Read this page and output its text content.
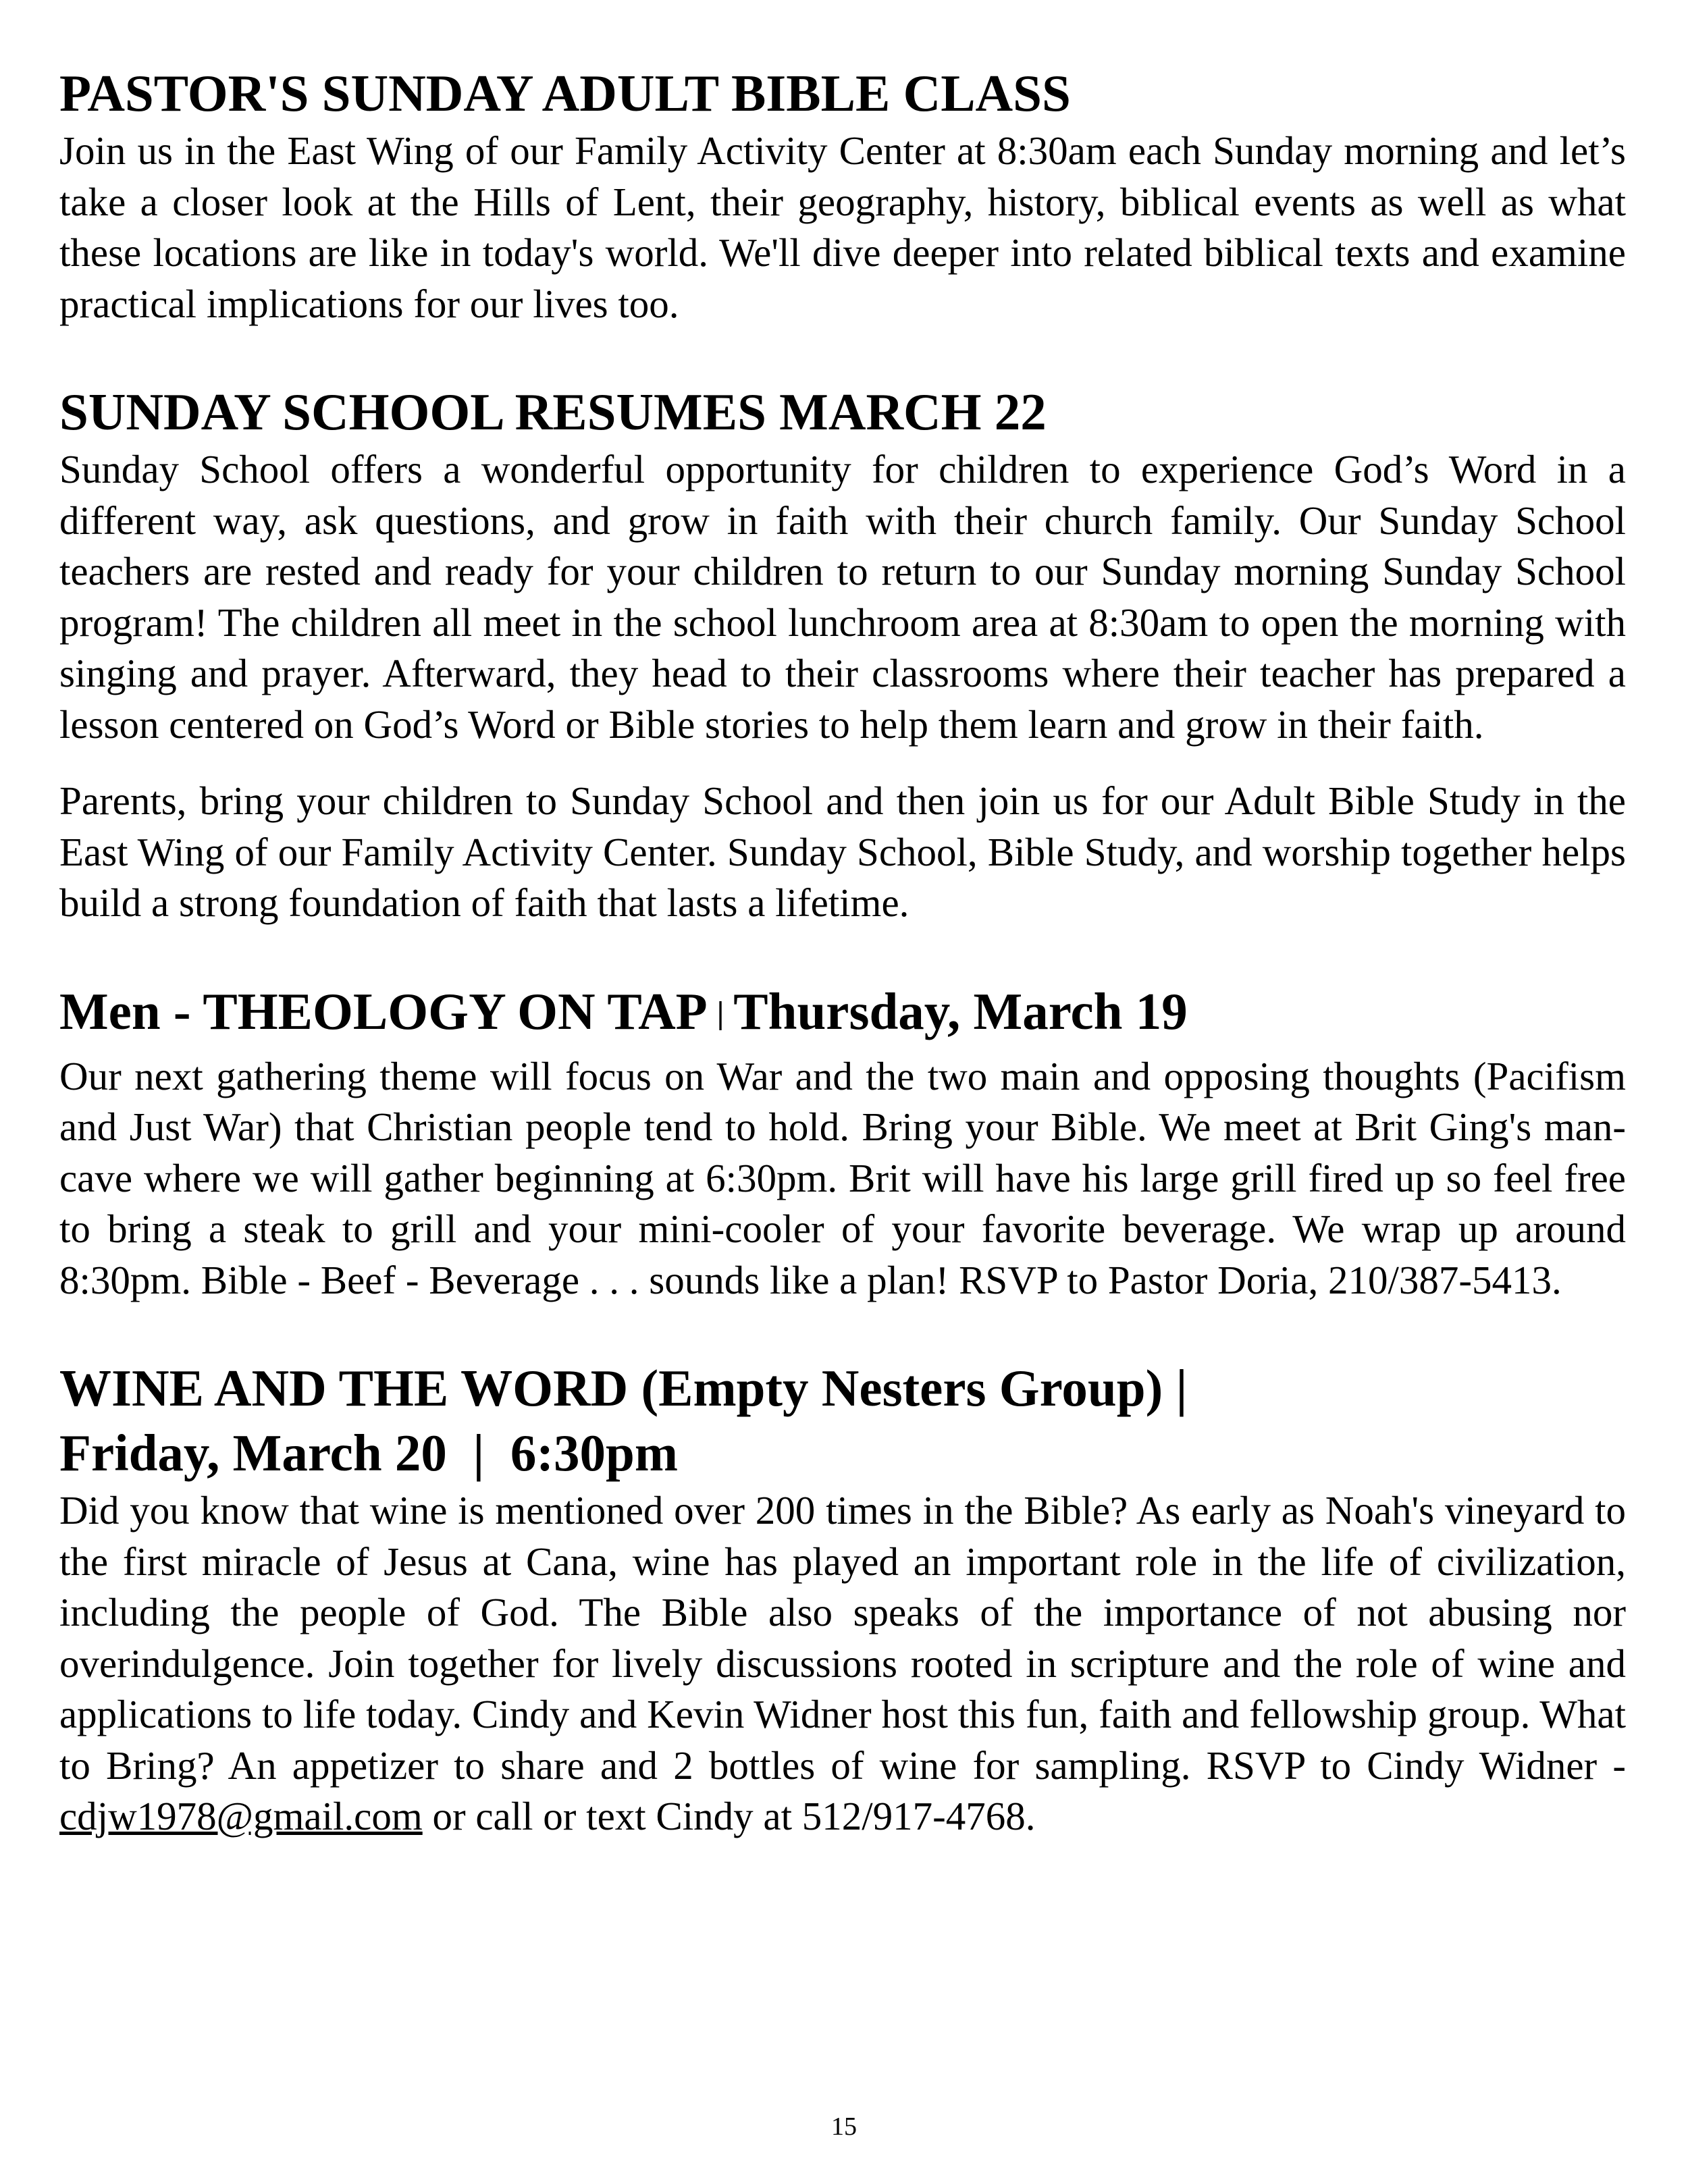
PASTOR'S SUNDAY ADULT BIBLE CLASS

Join us in the East Wing of our Family Activity Center at 8:30am each Sunday morning and let’s take a closer look at the Hills of Lent, their geography, history, biblical events as well as what these locations are like in today's world. We'll dive deeper into related biblical texts and examine practical implications for our lives too.

SUNDAY SCHOOL RESUMES MARCH 22

Sunday School offers a wonderful opportunity for children to experience God’s Word in a different way, ask questions, and grow in faith with their church family. Our Sunday School teachers are rested and ready for your children to return to our Sunday morning Sunday School program! The children all meet in the school lunchroom area at 8:30am to open the morning with singing and prayer. Afterward, they head to their classrooms where their teacher has prepared a lesson centered on God’s Word or Bible stories to help them learn and grow in their faith.

Parents, bring your children to Sunday School and then join us for our Adult Bible Study in the East Wing of our Family Activity Center. Sunday School, Bible Study, and worship together helps build a strong foundation of faith that lasts a lifetime.

Men - THEOLOGY ON TAP | Thursday, March 19

Our next gathering theme will focus on War and the two main and opposing thoughts (Pacifism and Just War) that Christian people tend to hold. Bring your Bible. We meet at Brit Ging's man-cave where we will gather beginning at 6:30pm. Brit will have his large grill fired up so feel free to bring a steak to grill and your mini-cooler of your favorite beverage. We wrap up around 8:30pm. Bible - Beef - Beverage . . . sounds like a plan! RSVP to Pastor Doria, 210/387-5413.

WINE AND THE WORD (Empty Nesters Group) |
Friday, March 20  |  6:30pm

Did you know that wine is mentioned over 200 times in the Bible? As early as Noah's vineyard to the first miracle of Jesus at Cana, wine has played an important role in the life of civilization, including the people of God. The Bible also speaks of the importance of not abusing nor overindulgence. Join together for lively discussions rooted in scripture and the role of wine and applications to life today. Cindy and Kevin Widner host this fun, faith and fellowship group. What to Bring? An appetizer to share and 2 bottles of wine for sampling. RSVP to Cindy Widner - cdjw1978@gmail.com or call or text Cindy at 512/917-4768.

15
